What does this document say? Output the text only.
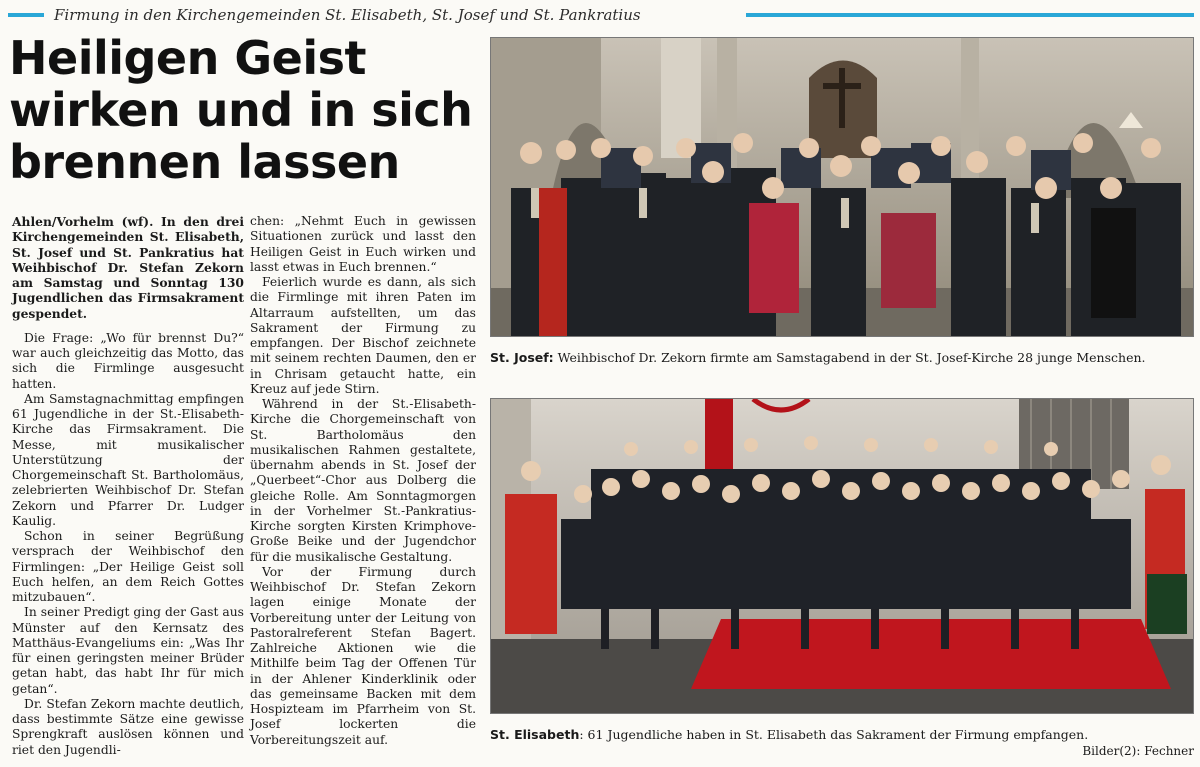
Firmung in den Kirchengemeinden St. Elisabeth, St. Josef und St. Pankratius
Heiligen Geist
wirken und in sich
brennen lassen

Ahlen/Vorhelm (wf). In den drei Kirchengemeinden St. Elisabeth, St. Josef und St. Pankratius hat Weihbischof Dr. Stefan Zekorn am Samstag und Sonntag 130 Jugendlichen das Firmsakrament gespendet.

Die Frage: „Wo für brennst Du?“ war auch gleichzeitig das Motto, das sich die Firmlinge ausgesucht hatten.

Am Samstagnachmittag empfingen 61 Jugendliche in der St.-Elisabeth-Kirche das Firmsakrament. Die Messe, mit musikalischer Unterstützung der Chorgemeinschaft St. Bartholomäus, zelebrierten Weihbischof Dr. Stefan Zekorn und Pfarrer Dr. Ludger Kaulig.

Schon in seiner Begrüßung versprach der Weihbischof den Firmlingen: „Der Heilige Geist soll Euch helfen, an dem Reich Gottes mitzubauen“.

In seiner Predigt ging der Gast aus Münster auf den Kernsatz des Matthäus-Evangeliums ein: „Was Ihr für einen geringsten meiner Brüder getan habt, das habt Ihr für mich getan“.

Dr. Stefan Zekorn machte deutlich, dass bestimmte Sätze eine gewisse Sprengkraft auslösen können und riet den Jugendli-

chen: „Nehmt Euch in gewissen Situationen zurück und lasst den Heiligen Geist in Euch wirken und lasst etwas in Euch brennen.“

Feierlich wurde es dann, als sich die Firmlinge mit ihren Paten im Altarraum aufstellten, um das Sakrament der Firmung zu empfangen. Der Bischof zeichnete mit seinem rechten Daumen, den er in Chrisam getaucht hatte, ein Kreuz auf jede Stirn.

Während in der St.-Elisabeth-Kirche die Chorgemeinschaft von St. Bartholomäus den musikalischen Rahmen gestaltete, übernahm abends in St. Josef der „Querbeet“-Chor aus Dolberg die gleiche Rolle. Am Sonntagmorgen in der Vorhelmer St.-Pankratius-Kirche sorgten Kirsten Krimphove-Große Beike und der Jugendchor für die musikalische Gestaltung.

Vor der Firmung durch Weihbischof Dr. Stefan Zekorn lagen einige Monate der Vorbereitung unter der Leitung von Pastoralreferent Stefan Bagert. Zahlreiche Aktionen wie die Mithilfe beim Tag der Offenen Tür in der Ahlener Kinderklinik oder das gemeinsame Backen mit dem Hospizteam im Pfarrheim von St. Josef lockerten die Vorbereitungszeit auf.

St. Josef: Weihbischof Dr. Zekorn firmte am Samstagabend in der St. Josef-Kirche 28 junge Menschen.
St. Elisabeth: 61 Jugendliche haben in St. Elisabeth das Sakrament der Firmung empfangen.
Bilder(2): Fechner
